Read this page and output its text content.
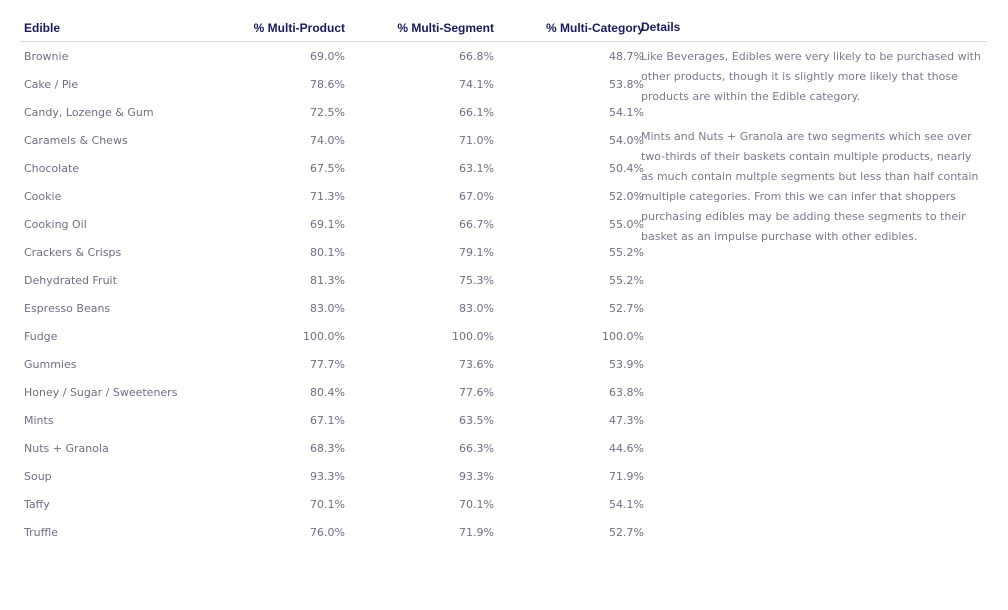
Edible	% Multi-Product	% Multi-Segment	% Multi-Category
Brownie	69.0%	66.8%	48.7%
Cake / Pie	78.6%	74.1%	53.8%
Candy, Lozenge & Gum	72.5%	66.1%	54.1%
Caramels & Chews	74.0%	71.0%	54.0%
Chocolate	67.5%	63.1%	50.4%
Cookie	71.3%	67.0%	52.0%
Cooking Oil	69.1%	66.7%	55.0%
Crackers & Crisps	80.1%	79.1%	55.2%
Dehydrated Fruit	81.3%	75.3%	55.2%
Espresso Beans	83.0%	83.0%	52.7%
Fudge	100.0%	100.0%	100.0%
Gummies	77.7%	73.6%	53.9%
Honey / Sugar / Sweeteners	80.4%	77.6%	63.8%
Mints	67.1%	63.5%	47.3%
Nuts + Granola	68.3%	66.3%	44.6%
Soup	93.3%	93.3%	71.9%
Taffy	70.1%	70.1%	54.1%
Truffle	76.0%	71.9%	52.7%
Details

Like Beverages, Edibles were very likely to be purchased with other products, though it is slightly more likely that those products are within the Edible category.

Mints and Nuts + Granola are two segments which see over two-thirds of their baskets contain multiple products, nearly as much contain multple segments but less than half contain multiple categories. From this we can infer that shoppers purchasing edibles may be adding these segments to their basket as an impulse purchase with other edibles.
